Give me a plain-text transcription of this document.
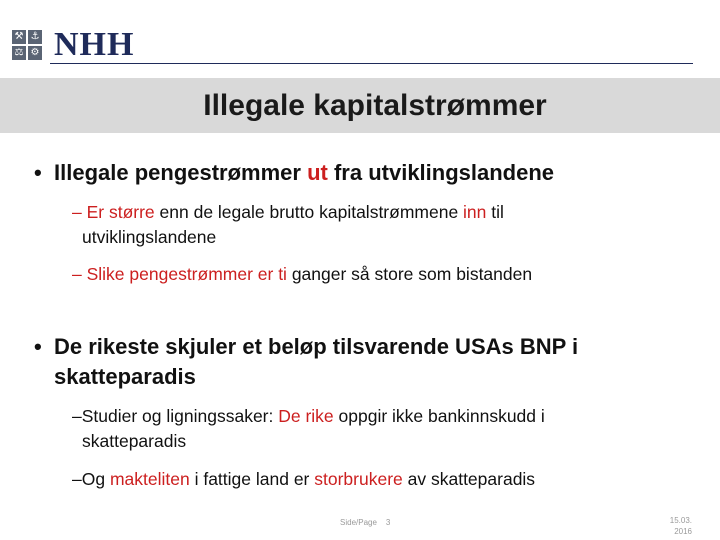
⚒ ⚓
⚖ ⚙ NHH
Illegale kapitalstrømmer
• Illegale pengestrømmer ut fra utviklingslandene
– Er større enn de legale brutto kapitalstrømmene inn til
utviklingslandene
– Slike pengestrømmer er ti ganger så store som bistanden
• De rikeste skjuler et beløp tilsvarende USAs BNP i
skatteparadis
–Studier og ligningssaker: De rike oppgir ikke bankinnskudd i
skatteparadis
–Og makteliten i fattige land er storbrukere av skatteparadis
Side/Page 3	15.03.
2016
